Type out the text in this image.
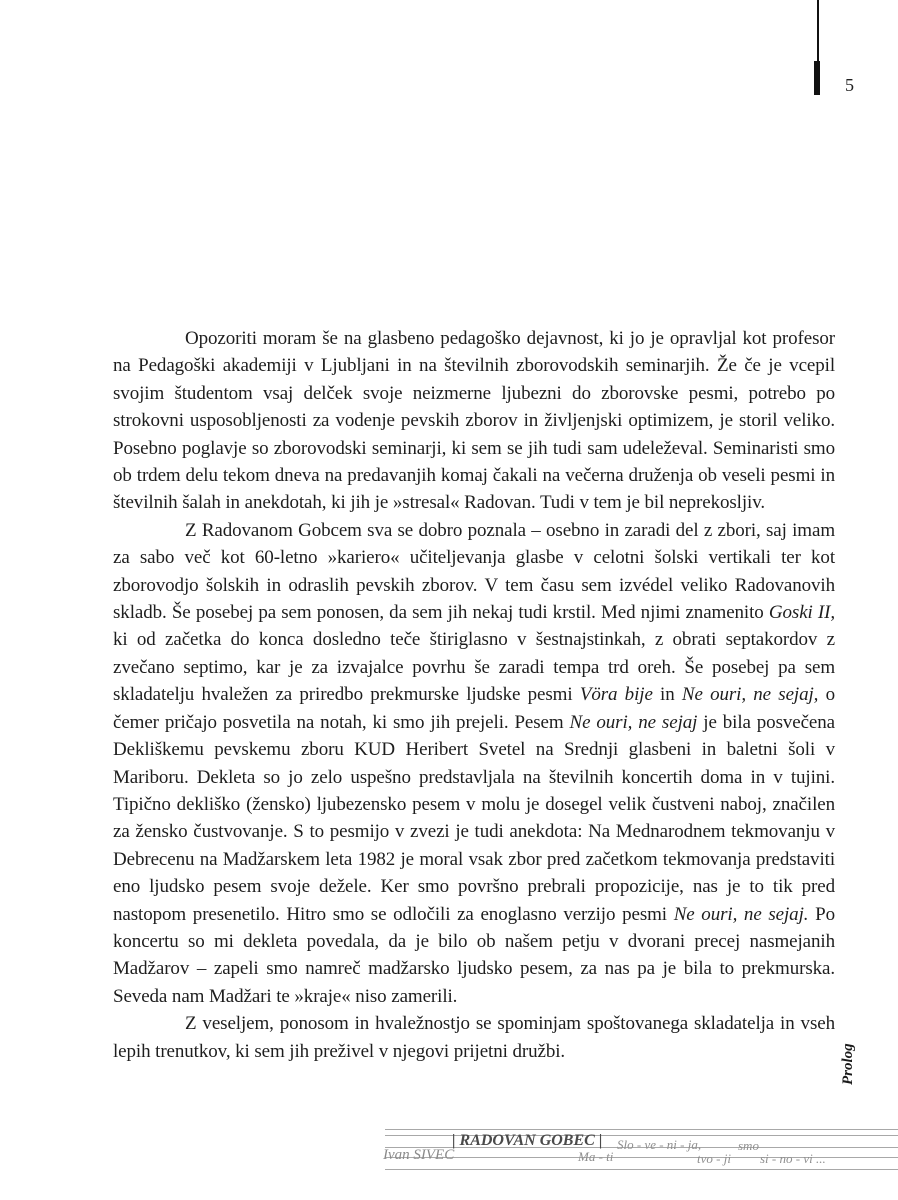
5

Opozoriti moram še na glasbeno pedagoško dejavnost, ki jo je opravljal kot profesor na Pedagoški akademiji v Ljubljani in na številnih zborovodskih seminarjih. Že če je vcepil svojim študentom vsaj delček svoje neizmerne ljubezni do zborovske pesmi, potrebo po strokovni usposobljenosti za vodenje pevskih zborov in življenjski optimizem, je storil veliko. Posebno poglavje so zborovodski seminarji, ki sem se jih tudi sam udeleževal. Seminaristi smo ob trdem delu tekom dneva na predavanjih komaj čakali na večerna druženja ob veseli pesmi in številnih šalah in anekdotah, ki jih je »stresal« Radovan. Tudi v tem je bil neprekosljiv.

Z Radovanom Gobcem sva se dobro poznala – osebno in zaradi del z zbori, saj imam za sabo več kot 60-letno »kariero« učiteljevanja glasbe v celotni šolski vertikali ter kot zborovodjo šolskih in odraslih pevskih zborov. V tem času sem izvédel veliko Radovanovih skladb. Še posebej pa sem ponosen, da sem jih nekaj tudi krstil. Med njimi znamenito Goski II, ki od začetka do konca dosledno teče štiriglasno v šestnajstinkah, z obrati septakordov z zvečano septimo, kar je za izvajalce povrhu še zaradi tempa trd oreh. Še posebej pa sem skladatelju hvaležen za priredbo prekmurske ljudske pesmi Vöra bije in Ne ouri, ne sejaj, o čemer pričajo posvetila na notah, ki smo jih prejeli. Pesem Ne ouri, ne sejaj je bila posvečena Dekliškemu pevskemu zboru KUD Heribert Svetel na Srednji glasbeni in baletni šoli v Mariboru. Dekleta so jo zelo uspešno predstavljala na številnih koncertih doma in v tujini. Tipično dekliško (žensko) ljubezensko pesem v molu je dosegel velik čustveni naboj, značilen za žensko čustvovanje. S to pesmijo v zvezi je tudi anekdota: Na Mednarodnem tekmovanju v Debrecenu na Madžarskem leta 1982 je moral vsak zbor pred začetkom tekmovanja predstaviti eno ljudsko pesem svoje dežele. Ker smo površno prebrali propozicije, nas je to tik pred nastopom presenetilo. Hitro smo se odločili za enoglasno verzijo pesmi Ne ouri, ne sejaj. Po koncertu so mi dekleta povedala, da je bilo ob našem petju v dvorani precej nasmejanih Madžarov – zapeli smo namreč madžarsko ljudsko pesem, za nas pa je bila to prekmurska. Seveda nam Madžari te »kraje« niso zamerili.

Z veseljem, ponosom in hvaležnostjo se spominjam spoštovanega skladatelja in vseh lepih trenutkov, ki sem jih preživel v njegovi prijetni družbi.	Prolog
Ivan SIVEC
| RADOVAN GOBEC |
Ma - ti
Slo - ve - ni - ja,
tvo - ji
smo
si - no - vi ...
